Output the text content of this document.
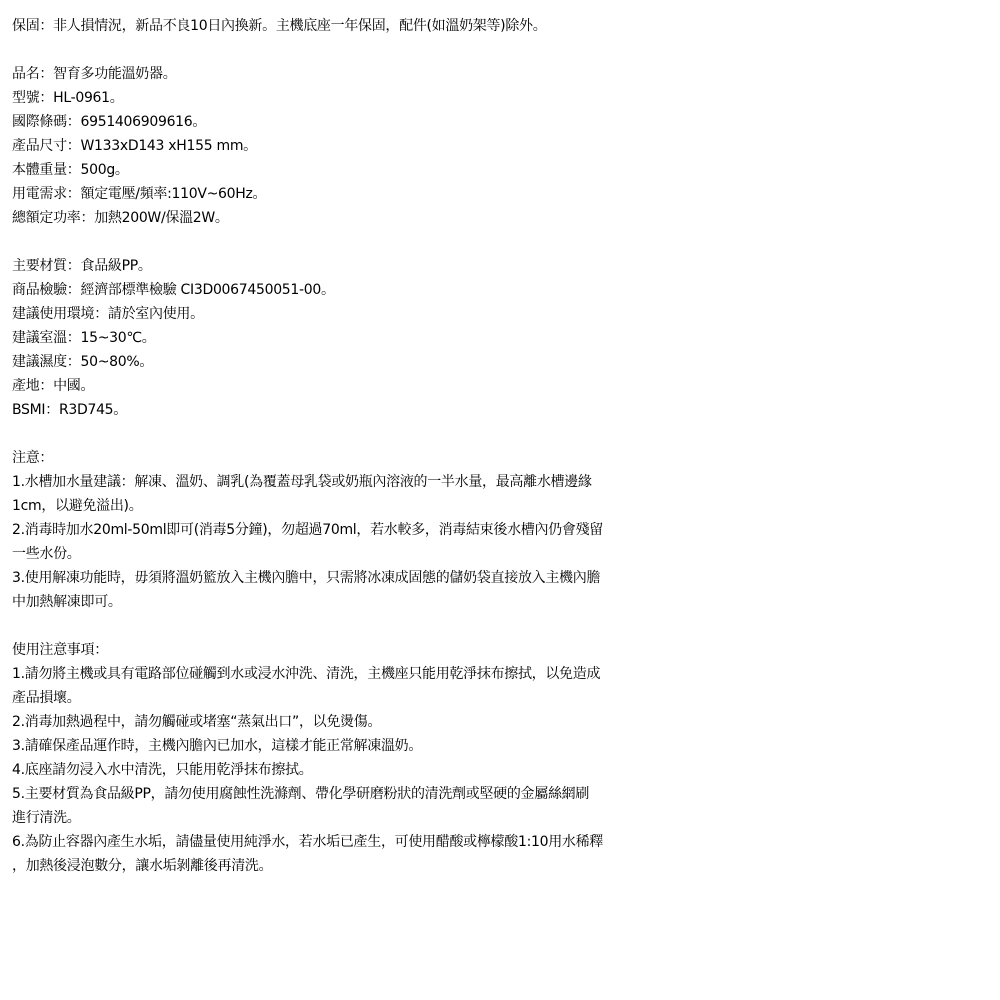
保固：非人損情況，新品不良10日內換新。主機底座一年保固，配件(如溫奶架等)除外。
品名：智育多功能溫奶器。
型號：HL-0961。
國際條碼：6951406909616。
產品尺寸：W133xD143 xH155 mm。
本體重量：500g。
用電需求：額定電壓/頻率:110V~60Hz。
總額定功率：加熱200W/保溫2W。
主要材質：食品級PP。
商品檢驗：經濟部標準檢驗 CI3D0067450051-00。
建議使用環境：請於室內使用。
建議室溫：15~30℃。
建議濕度：50~80%。
產地：中國。
BSMI：R3D745。
注意：
1.水槽加水量建議：解凍、溫奶、調乳(為覆蓋母乳袋或奶瓶內溶液的一半水量，最高離水槽邊緣
1cm，以避免溢出)。
2.消毒時加水20ml-50ml即可(消毒5分鐘)，勿超過70ml，若水較多，消毒結束後水槽內仍會殘留
一些水份。
3.使用解凍功能時，毋須將溫奶籃放入主機內膽中，只需將冰凍成固態的儲奶袋直接放入主機內膽
中加熱解凍即可。
使用注意事項：
1.請勿將主機或具有電路部位碰觸到水或浸水沖洗、清洗，主機座只能用乾淨抹布擦拭，以免造成
產品損壞。
2.消毒加熱過程中，請勿觸碰或堵塞“蒸氣出口”，以免燙傷。
3.請確保產品運作時，主機內膽內已加水，這樣才能正常解凍溫奶。
4.底座請勿浸入水中清洗，只能用乾淨抹布擦拭。
5.主要材質為食品級PP，請勿使用腐蝕性洗滌劑、帶化學研磨粉狀的清洗劑或堅硬的金屬絲網刷
進行清洗。
6.為防止容器內產生水垢，請儘量使用純淨水，若水垢已產生，可使用醋酸或檸檬酸1:10用水稀釋
，加熱後浸泡數分，讓水垢剝離後再清洗。
